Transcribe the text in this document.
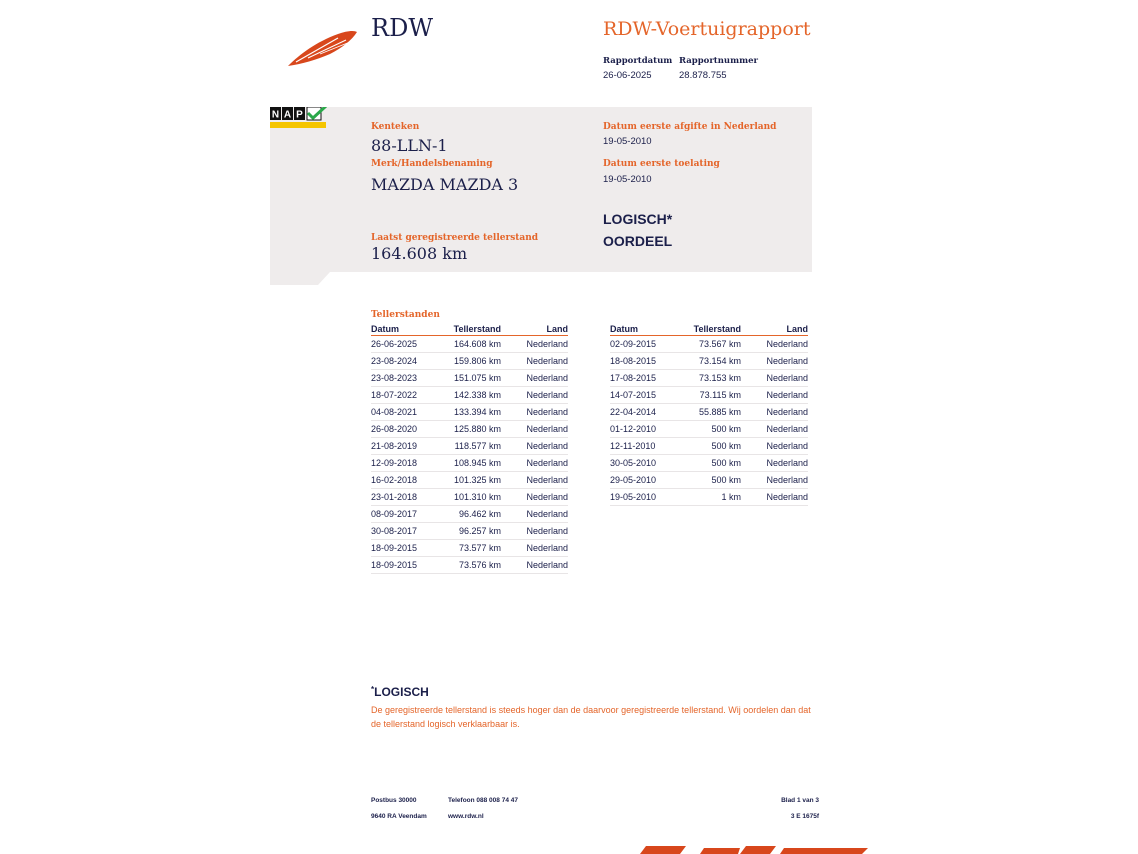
RDW	RDW-Voertuigrapport
Rapportdatum
26-06-2025
Rapportnummer
28.878.755
Kenteken
88-LLN-1
Merk/Handelsbenaming
MAZDA MAZDA 3
Laatst geregistreerde tellerstand
164.608 km
Datum eerste afgifte in Nederland
19-05-2010
Datum eerste toelating
19-05-2010
LOGISCH*
OORDEEL
N A P
Tellerstanden
Datum	Tellerstand	Land
26-06-2025	164.608 km	Nederland
23-08-2024	159.806 km	Nederland
23-08-2023	151.075 km	Nederland
18-07-2022	142.338 km	Nederland
04-08-2021	133.394 km	Nederland
26-08-2020	125.880 km	Nederland
21-08-2019	118.577 km	Nederland
12-09-2018	108.945 km	Nederland
16-02-2018	101.325 km	Nederland
23-01-2018	101.310 km	Nederland
08-09-2017	96.462 km	Nederland
30-08-2017	96.257 km	Nederland
18-09-2015	73.577 km	Nederland
18-09-2015	73.576 km	Nederland
Datum	Tellerstand	Land
02-09-2015	73.567 km	Nederland
18-08-2015	73.154 km	Nederland
17-08-2015	73.153 km	Nederland
14-07-2015	73.115 km	Nederland
22-04-2014	55.885 km	Nederland
01-12-2010	500 km	Nederland
12-11-2010	500 km	Nederland
30-05-2010	500 km	Nederland
29-05-2010	500 km	Nederland
19-05-2010	1 km	Nederland
*LOGISCH
De geregistreerde tellerstand is steeds hoger dan de daarvoor geregistreerde tellerstand. Wij oordelen dan dat de tellerstand logisch verklaarbaar is.
Postbus 30000
9640 RA Veendam
Telefoon 088 008 74 47
www.rdw.nl
Blad 1 van 3
3 E 1675f
